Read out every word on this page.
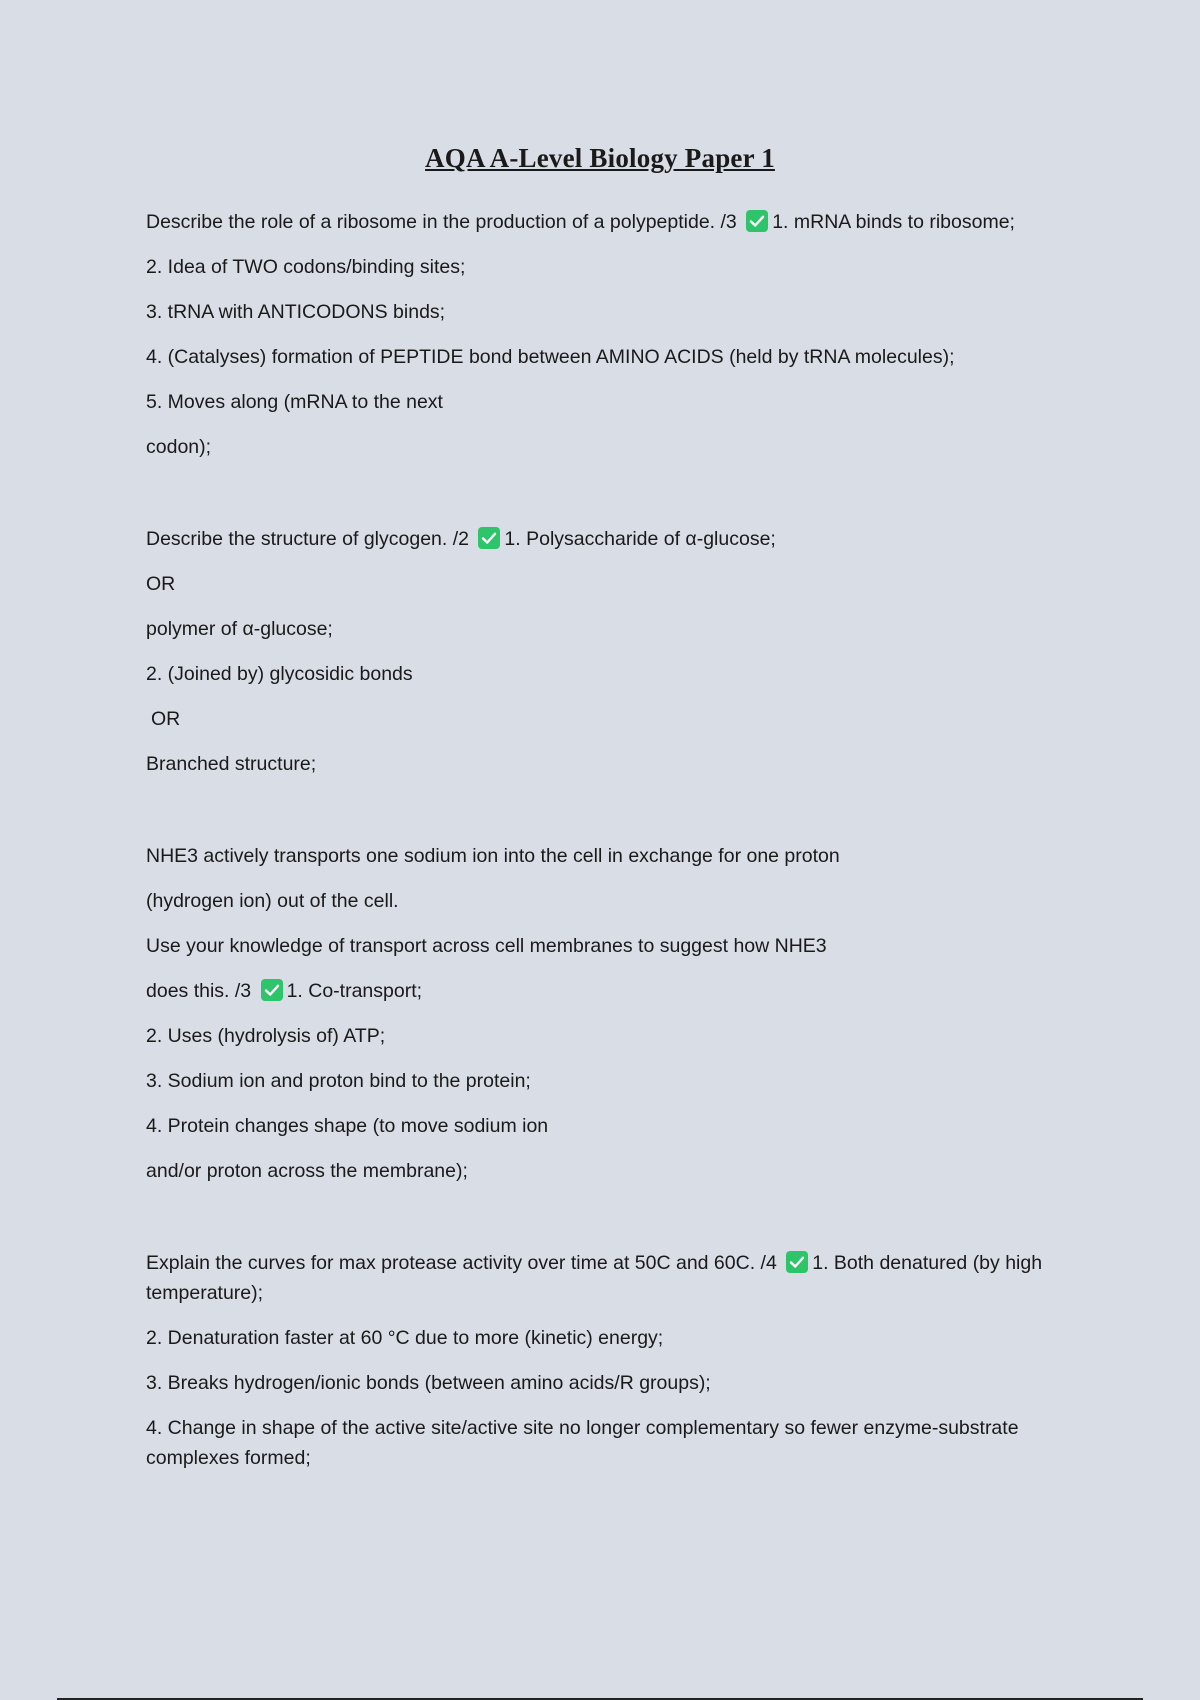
AQA A-Level Biology Paper 1
Describe the role of a ribosome in the production of a polypeptide. /3 1. mRNA binds to ribosome;
2. Idea of TWO codons/binding sites;
3. tRNA with ANTICODONS binds;
4. (Catalyses) formation of PEPTIDE bond between AMINO ACIDS (held by tRNA molecules);
5. Moves along (mRNA to the next
codon);
Describe the structure of glycogen. /2 1. Polysaccharide of α-glucose;
OR
polymer of α-glucose;
2. (Joined by) glycosidic bonds
OR
Branched structure;
NHE3 actively transports one sodium ion into the cell in exchange for one proton
(hydrogen ion) out of the cell.
Use your knowledge of transport across cell membranes to suggest how NHE3
does this. /3 1. Co-transport;
2. Uses (hydrolysis of) ATP;
3. Sodium ion and proton bind to the protein;
4. Protein changes shape (to move sodium ion
and/or proton across the membrane);
Explain the curves for max protease activity over time at 50C and 60C. /4 1. Both denatured (by high temperature);
2. Denaturation faster at 60 °C due to more (kinetic) energy;
3. Breaks hydrogen/ionic bonds (between amino acids/R groups);
4. Change in shape of the active site/active site no longer complementary so fewer enzyme-substrate complexes formed;
